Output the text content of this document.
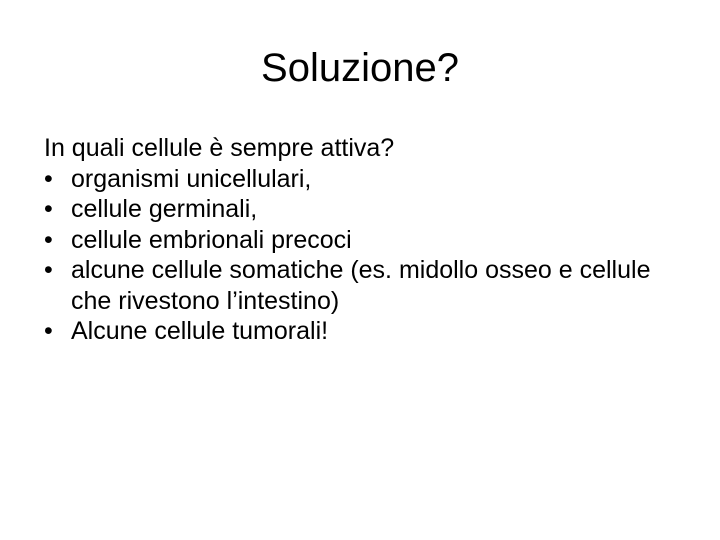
Soluzione?

In quali cellule è sempre attiva?

• organismi unicellulari,
• cellule germinali,
• cellule embrionali precoci
• alcune cellule somatiche (es. midollo osseo e cellule che rivestono l’intestino)
• Alcune cellule tumorali!
